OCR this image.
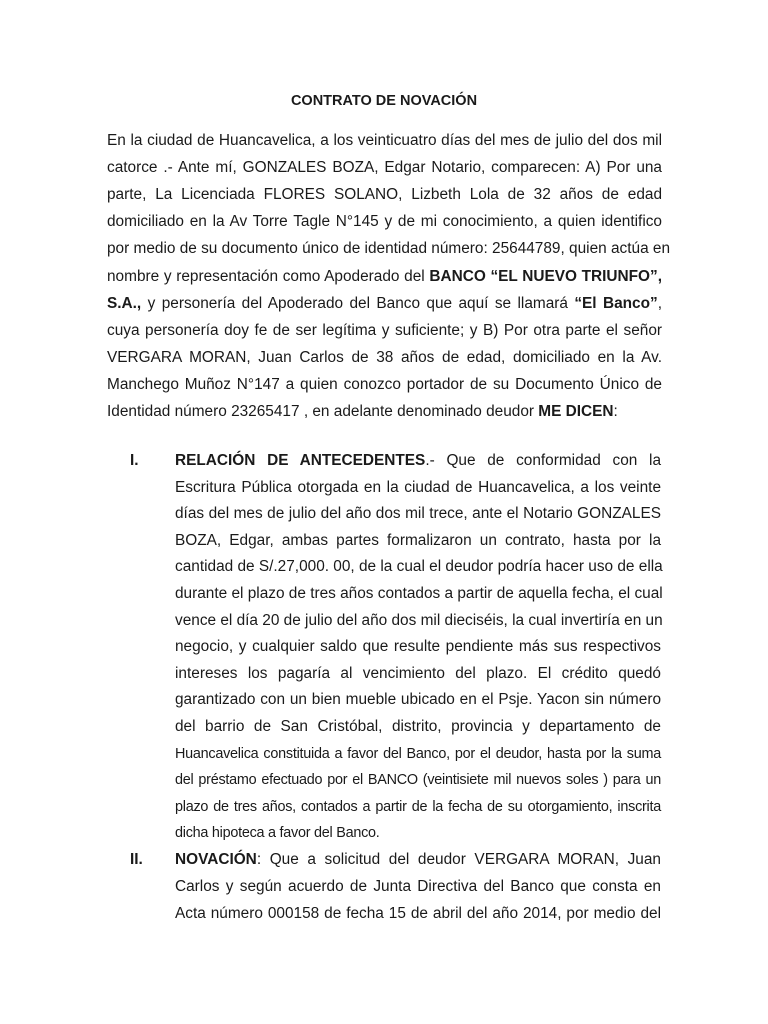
CONTRATO DE NOVACIÓN
En la ciudad de Huancavelica, a los veinticuatro días del mes de julio del dos mil
catorce .- Ante mí, GONZALES BOZA, Edgar Notario, comparecen: A) Por una
parte, La Licenciada FLORES SOLANO, Lizbeth Lola de 32 años de edad
domiciliado en la Av Torre Tagle N°145 y de mi conocimiento, a quien identifico
por medio de su documento único de identidad número: 25644789, quien actúa en
nombre y representación como Apoderado del BANCO “EL NUEVO TRIUNFO”,
S.A., y personería del Apoderado del Banco que aquí se llamará “El Banco”,
cuya personería doy fe de ser legítima y suficiente; y B) Por otra parte el señor
VERGARA MORAN, Juan Carlos de 38 años de edad, domiciliado en la Av.
Manchego Muñoz N°147 a quien conozco portador de su Documento Único de
Identidad número 23265417 , en adelante denominado deudor ME DICEN:
I. RELACIÓN DE ANTECEDENTES.- Que de conformidad con la
Escritura Pública otorgada en la ciudad de Huancavelica, a los veinte
días del mes de julio del año dos mil trece, ante el Notario GONZALES
BOZA, Edgar, ambas partes formalizaron un contrato, hasta por la
cantidad de S/.27,000. 00, de la cual el deudor podría hacer uso de ella
durante el plazo de tres años contados a partir de aquella fecha, el cual
vence el día 20 de julio del año dos mil dieciséis, la cual invertiría en un
negocio, y cualquier saldo que resulte pendiente más sus respectivos
intereses los pagaría al vencimiento del plazo. El crédito quedó
garantizado con un bien mueble ubicado en el Psje. Yacon sin número
del barrio de San Cristóbal, distrito, provincia y departamento de
Huancavelica constituida a favor del Banco, por el deudor, hasta por la suma
del préstamo efectuado por el BANCO (veintisiete mil nuevos soles ) para un
plazo de tres años, contados a partir de la fecha de su otorgamiento, inscrita
dicha hipoteca a favor del Banco.
II. NOVACIÓN: Que a solicitud del deudor VERGARA MORAN, Juan
Carlos y según acuerdo de Junta Directiva del Banco que consta en
Acta número 000158 de fecha 15 de abril del año 2014, por medio del
